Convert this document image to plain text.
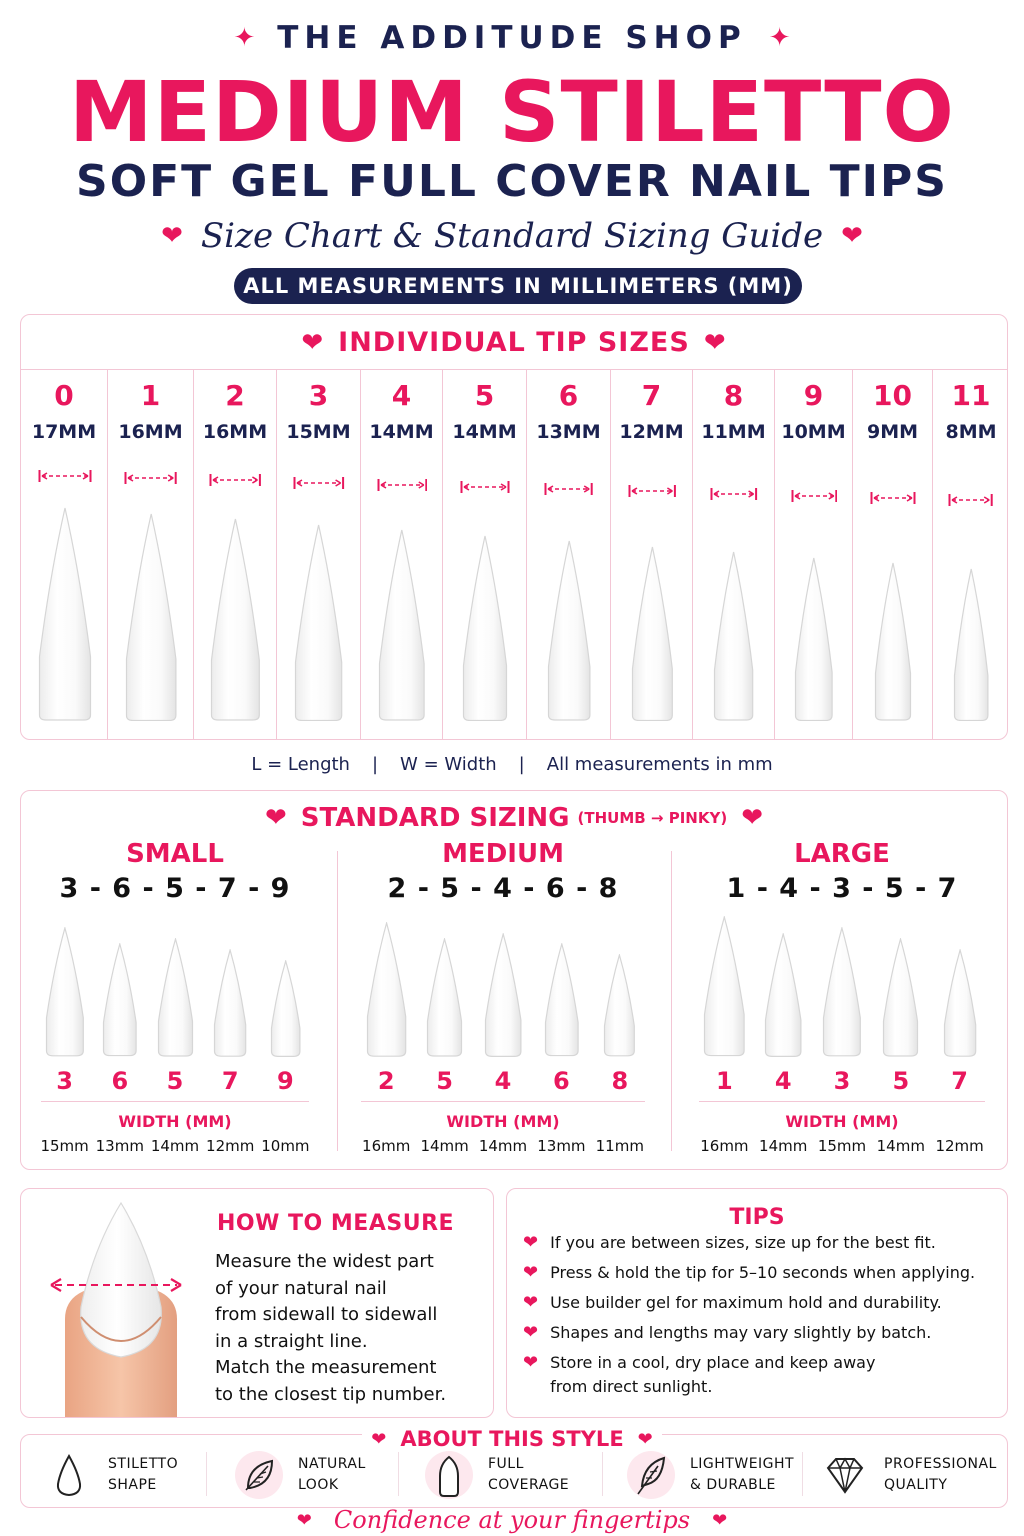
✦ THE ADDITUDE SHOP ✦
MEDIUM STILETTO
SOFT GEL FULL COVER NAIL TIPS
❤ Size Chart & Standard Sizing Guide ❤
ALL MEASUREMENTS IN MILLIMETERS (MM)
❤ INDIVIDUAL TIP SIZES ❤
0
17MM
1
16MM
2
16MM
3
15MM
4
14MM
5
14MM
6
13MM
7
12MM
8
11MM
9
10MM
10
9MM
11
8MM
L = Length | W = Width | All measurements in mm
❤ STANDARD SIZING (THUMB → PINKY) ❤
SMALL
3 - 6 - 5 - 7 - 9
3
15mm
6
13mm
5
14mm
7
12mm
9
10mm
WIDTH (MM)
MEDIUM
2 - 5 - 4 - 6 - 8
2
16mm
5
14mm
4
14mm
6
13mm
8
11mm
WIDTH (MM)
LARGE
1 - 4 - 3 - 5 - 7
1
16mm
4
14mm
3
15mm
5
14mm
7
12mm
WIDTH (MM)
HOW TO MEASURE
Measure the widest part
of your natural nail
from sidewall to sidewall
in a straight line.
Match the measurement
to the closest tip number.
TIPS
❤ If you are between sizes, size up for the best fit.
❤ Press & hold the tip for 5–10 seconds when applying.
❤ Use builder gel for maximum hold and durability.
❤ Shapes and lengths may vary slightly by batch.
❤ Store in a cool, dry place and keep away from direct sunlight.
❤ ABOUT THIS STYLE ❤
STILETTO
SHAPE
NATURAL
LOOK
FULL
COVERAGE
LIGHTWEIGHT
& DURABLE
PROFESSIONAL
QUALITY
❤ Confidence at your fingertips ❤
